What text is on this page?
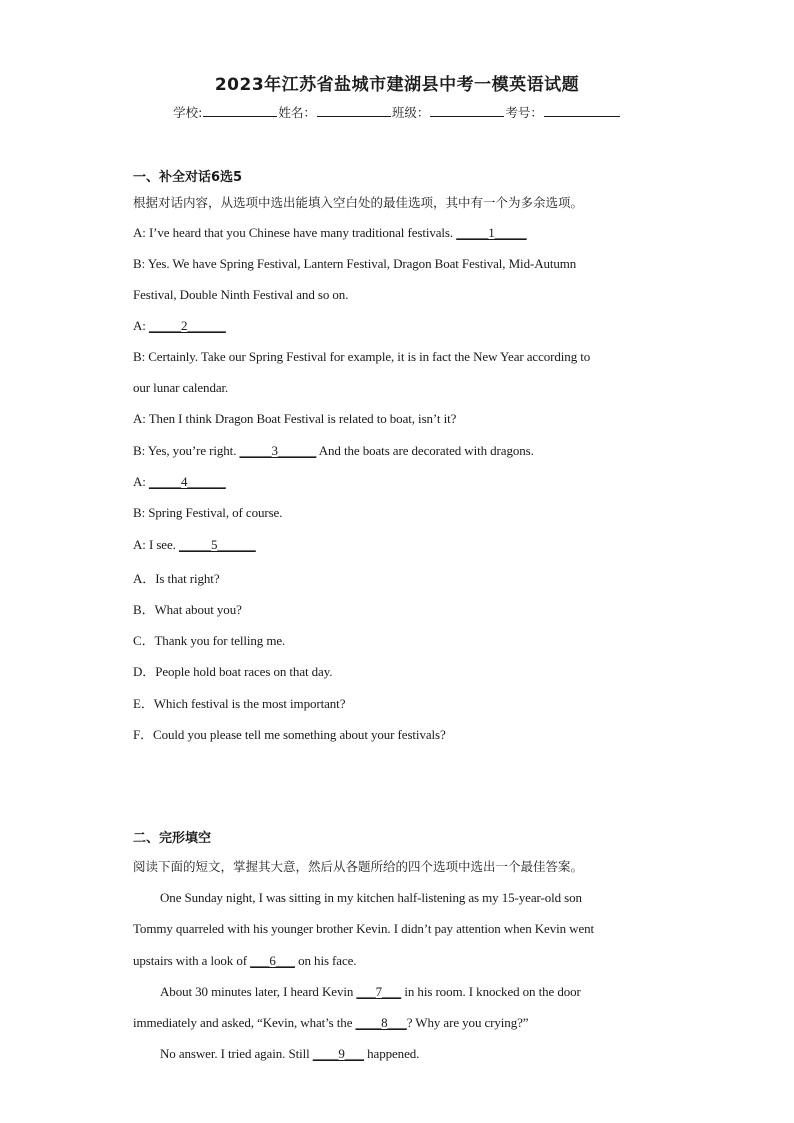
2023年江苏省盐城市建湖县中考一模英语试题
学校:	姓名：	班级：	考号：
一、补全对话6选5
根据对话内容，从选项中选出能填入空白处的最佳选项，其中有一个为多余选项。
A: I’ve heard that you Chinese have many traditional festivals. _____1_____
B: Yes. We have Spring Festival, Lantern Festival, Dragon Boat Festival, Mid-Autumn
Festival, Double Ninth Festival and so on.
A: _____2______
B: Certainly. Take our Spring Festival for example, it is in fact the New Year according to
our lunar calendar.
A: Then I think Dragon Boat Festival is related to boat, isn’t it?
B: Yes, you’re right. _____3______ And the boats are decorated with dragons.
A: _____4______
B: Spring Festival, of course.
A: I see. _____5______
A．Is that right?
B．What about you?
C．Thank you for telling me.
D．People hold boat races on that day.
E．Which festival is the most important?
F．Could you please tell me something about your festivals?
二、完形填空
阅读下面的短文，掌握其大意，然后从各题所给的四个选项中选出一个最佳答案。
One Sunday night, I was sitting in my kitchen half-listening as my 15-year-old son
Tommy quarreled with his younger brother Kevin. I didn’t pay attention when Kevin went
upstairs with a look of ___6___ on his face.
About 30 minutes later, I heard Kevin ___7___ in his room. I knocked on the door
immediately and asked, “Kevin, what’s the ____8___? Why are you crying?”
No answer. I tried again. Still ____9___ happened.
